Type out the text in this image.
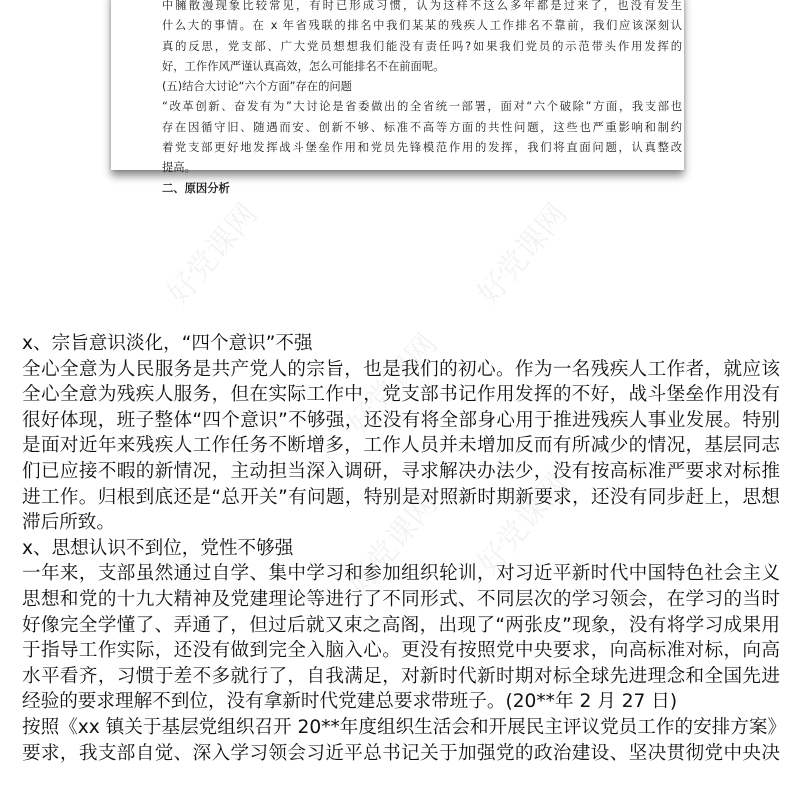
好党课网	好党课网
好党课网
好党课网 好党课网
中臃散漫现象比较常见，有时已形成习惯，认为这样不这么多年都是过来了，也没有发生
什么大的事情。在 x 年省残联的排名中我们某某的残疾人工作排名不靠前，我们应该深刻认
真的反思，党支部、广大党员想想我们能没有责任吗?如果我们党员的示范带头作用发挥的
好，工作作风严谨认真高效，怎么可能排名不在前面呢。
(五)结合大讨论“六个方面”存在的问题
“改革创新、奋发有为”大讨论是省委做出的全省统一部署，面对“六个破除”方面，我支部也
存在因循守旧、随遇而安、创新不够、标准不高等方面的共性问题，这些也严重影响和制约
着党支部更好地发挥战斗堡垒作用和党员先锋模范作用的发挥，我们将直面问题，认真整改
提高。
二、原因分析
x、宗旨意识淡化，“四个意识”不强
全心全意为人民服务是共产党人的宗旨，也是我们的初心。作为一名残疾人工作者，就应该
全心全意为残疾人服务，但在实际工作中，党支部书记作用发挥的不好，战斗堡垒作用没有
很好体现，班子整体“四个意识”不够强，还没有将全部身心用于推进残疾人事业发展。特别
是面对近年来残疾人工作任务不断增多，工作人员并未增加反而有所减少的情况，基层同志
们已应接不暇的新情况，主动担当深入调研，寻求解决办法少，没有按高标准严要求对标推
进工作。归根到底还是“总开关”有问题，特别是对照新时期新要求，还没有同步赶上，思想
滞后所致。
x、思想认识不到位，党性不够强
一年来，支部虽然通过自学、集中学习和参加组织轮训，对习近平新时代中国特色社会主义
思想和党的十九大精神及党建理论等进行了不同形式、不同层次的学习领会，在学习的当时
好像完全学懂了、弄通了，但过后就又束之高阁，出现了“两张皮”现象，没有将学习成果用
于指导工作实际，还没有做到完全入脑入心。更没有按照党中央要求，向高标准对标，向高
水平看齐，习惯于差不多就行了，自我满足，对新时代新时期对标全球先进理念和全国先进
经验的要求理解不到位，没有拿新时代党建总要求带班子。(20**年 2 月 27 日)
按照《xx 镇关于基层党组织召开 20**年度组织生活会和开展民主评议党员工作的安排方案》
要求，我支部自觉、深入学习领会习近平总书记关于加强党的政治建设、坚决贯彻党中央决
